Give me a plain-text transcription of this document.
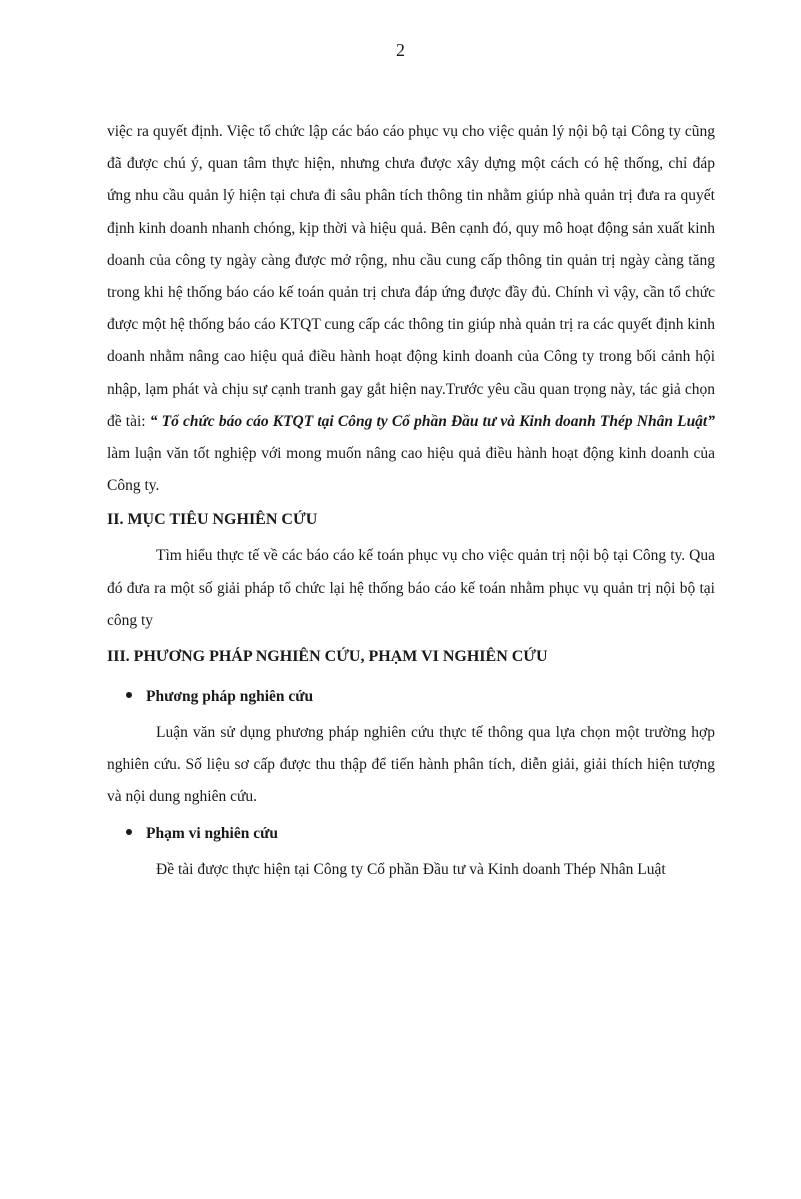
2

việc ra quyết định. Việc tổ chức lập các báo cáo phục vụ cho việc quản lý nội bộ tại Công ty cũng đã được chú ý, quan tâm thực hiện, nhưng chưa được xây dựng một cách có hệ thống, chỉ đáp ứng nhu cầu quản lý hiện tại chưa đi sâu phân tích thông tin nhằm giúp nhà quản trị đưa ra quyết định kinh doanh nhanh chóng, kịp thời và hiệu quả. Bên cạnh đó, quy mô hoạt động sản xuất kinh doanh của công ty ngày càng được mở rộng, nhu cầu cung cấp thông tin quản trị ngày càng tăng trong khi hệ thống báo cáo kế toán quản trị chưa đáp ứng được đầy đủ. Chính vì vậy, cần tổ chức được một hệ thống báo cáo KTQT cung cấp các thông tin giúp nhà quản trị ra các quyết định kinh doanh nhằm nâng cao hiệu quả điều hành hoạt động kinh doanh của Công ty trong bối cảnh hội nhập, lạm phát và chịu sự cạnh tranh gay gắt hiện nay.Trước yêu cầu quan trọng này, tác giả chọn đề tài: “ Tổ chức báo cáo KTQT tại Công ty Cổ phần Đầu tư và Kinh doanh Thép Nhân Luật” làm luận văn tốt nghiệp với mong muốn nâng cao hiệu quả điều hành hoạt động kinh doanh của Công ty.

II. MỤC TIÊU NGHIÊN CỨU

Tìm hiểu thực tế về các báo cáo kế toán phục vụ cho việc quản trị nội bộ tại Công ty. Qua đó đưa ra một số giải pháp tổ chức lại hệ thống báo cáo kế toán nhằm phục vụ quản trị nội bộ tại công ty

III. PHƯƠNG PHÁP NGHIÊN CỨU, PHẠM VI NGHIÊN CỨU
Phương pháp nghiên cứu

Luận văn sử dụng phương pháp nghiên cứu thực tế thông qua lựa chọn một trường hợp nghiên cứu. Số liệu sơ cấp được thu thập để tiến hành phân tích, diễn giải, giải thích hiện tượng và nội dung nghiên cứu.

Phạm vi nghiên cứu

Đề tài được thực hiện tại Công ty Cổ phần Đầu tư và Kinh doanh Thép Nhân Luật
